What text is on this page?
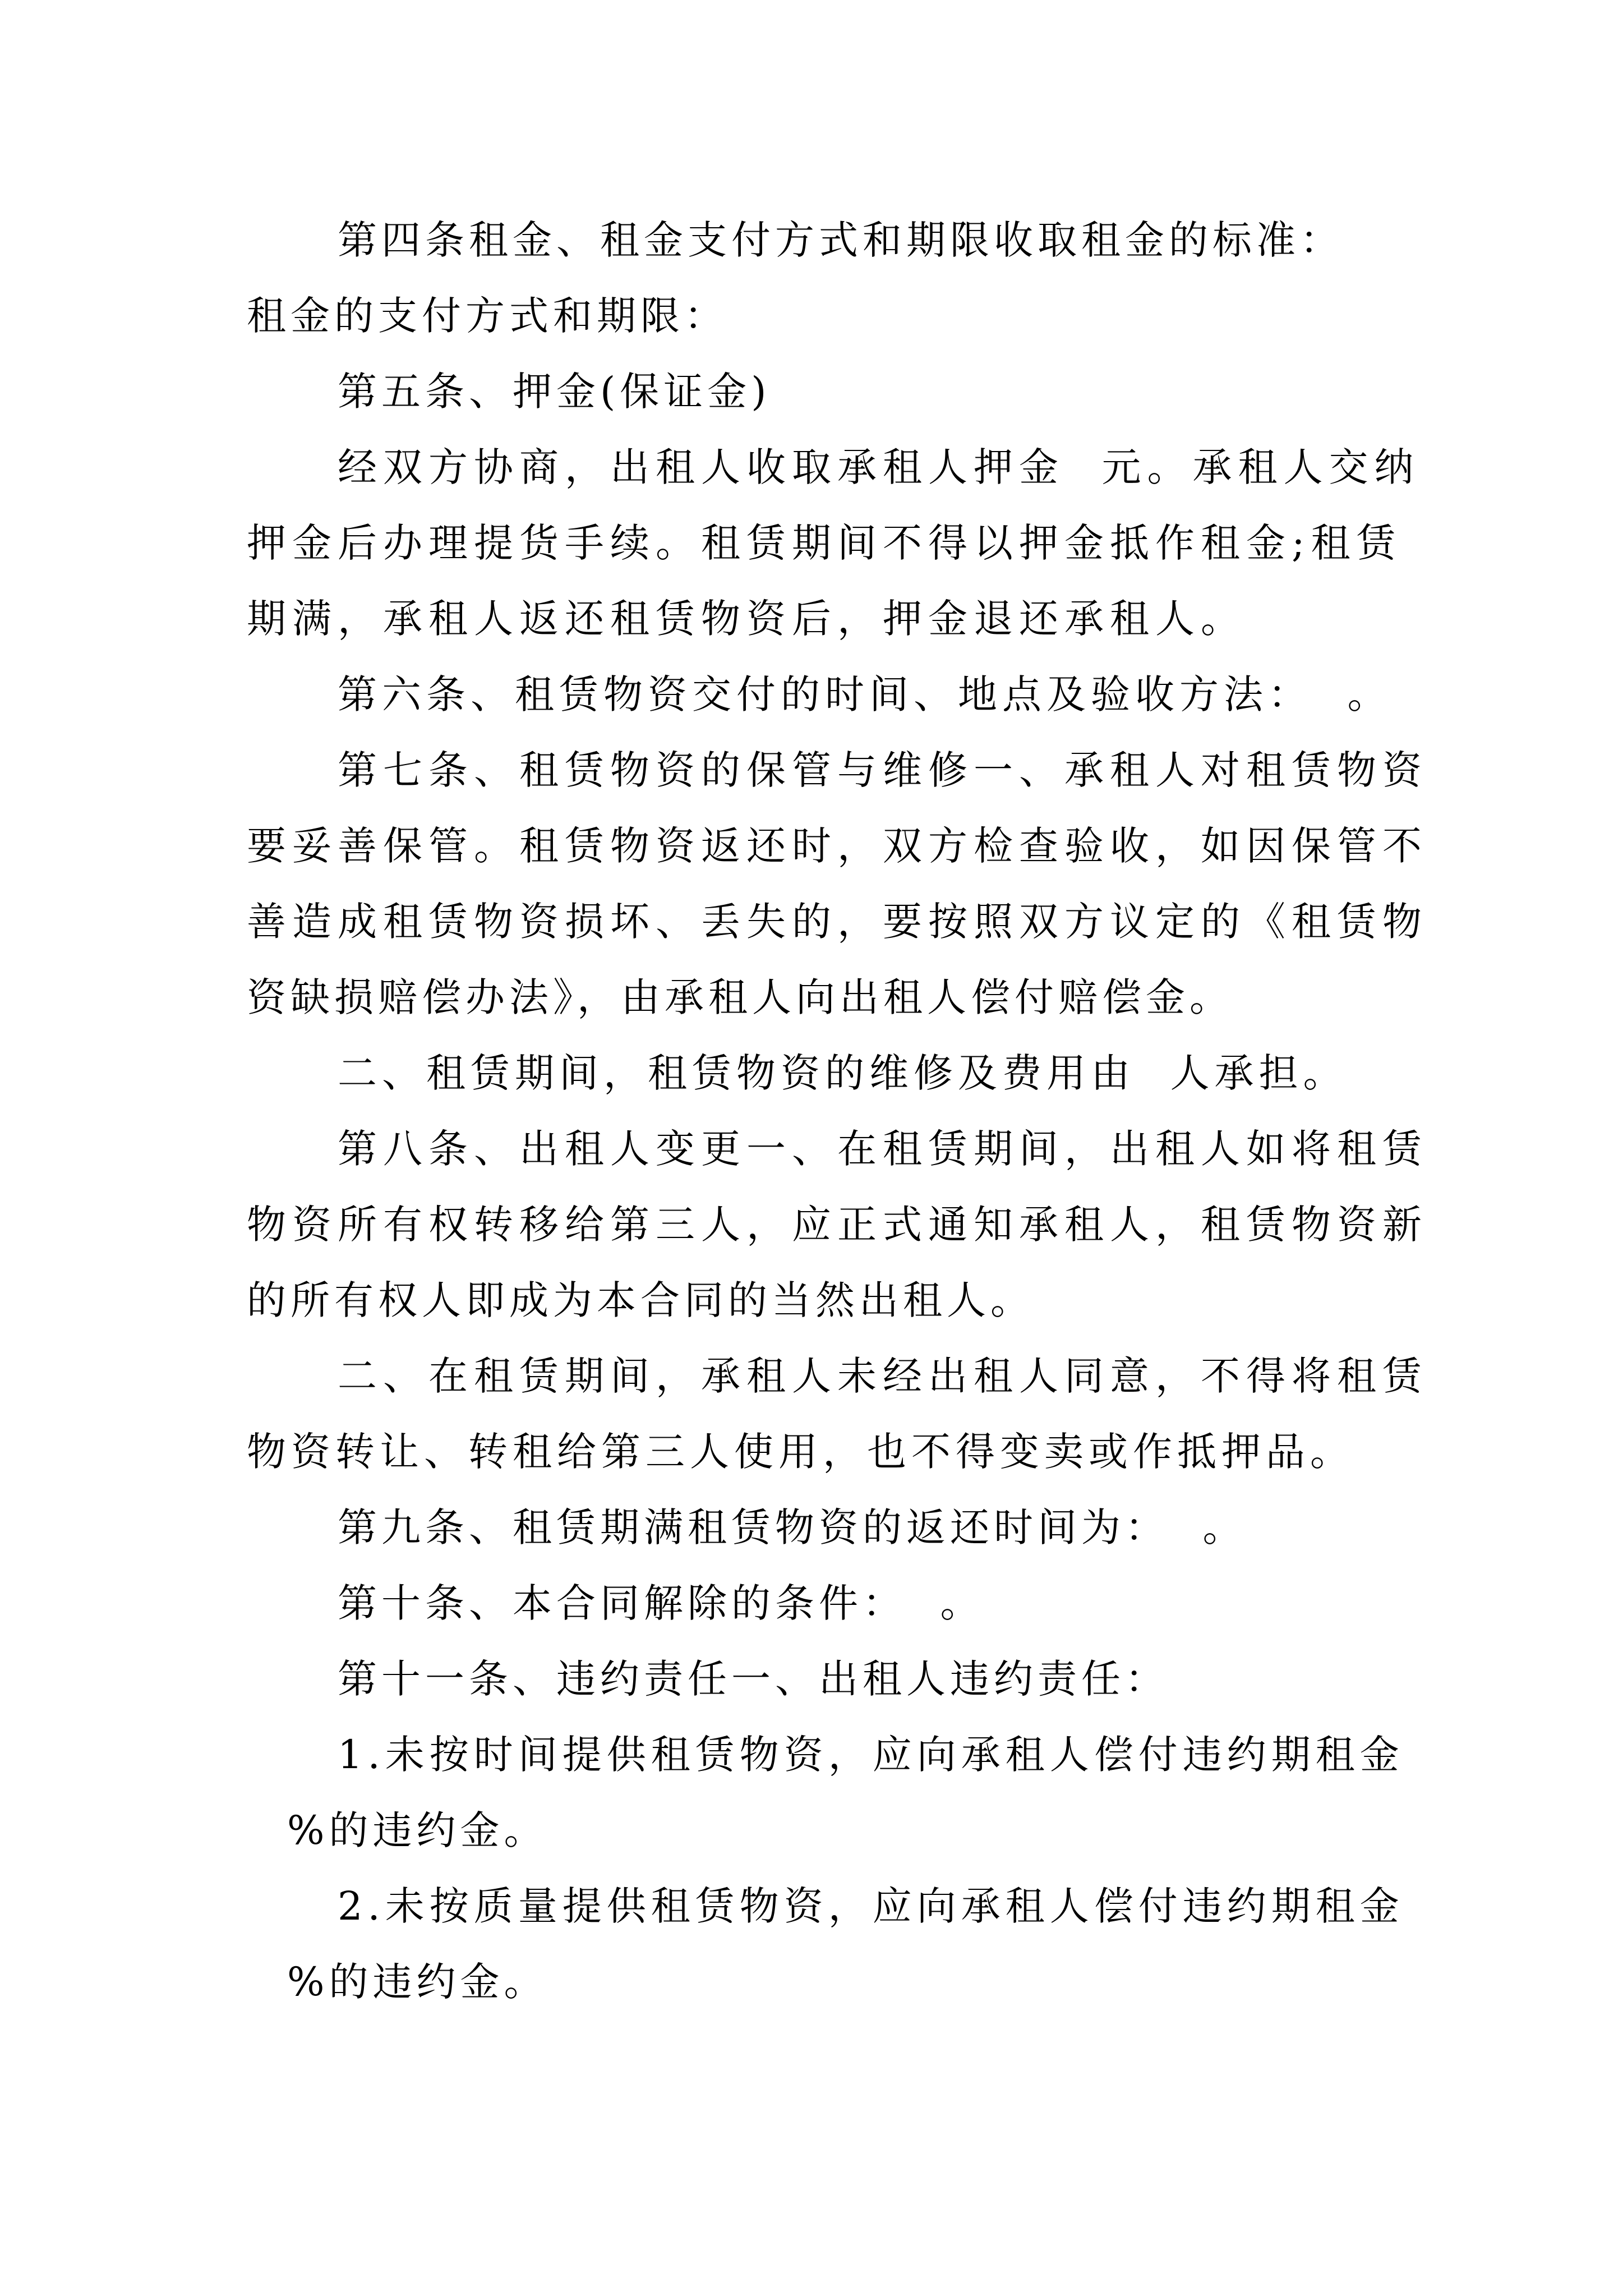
第四条租金、租金支付方式和期限收取租金的标准：

租金的支付方式和期限：

第五条、押金(保证金)

经双方协商，出租人收取承租人押金  元。承租人交纳

押金后办理提货手续。租赁期间不得以押金抵作租金;租赁

期满，承租人返还租赁物资后，押金退还承租人。

第六条、租赁物资交付的时间、地点及验收方法：  。

第七条、租赁物资的保管与维修一、承租人对租赁物资

要妥善保管。租赁物资返还时，双方检查验收，如因保管不

善造成租赁物资损坏、丢失的，要按照双方议定的《租赁物

资缺损赔偿办法》，由承租人向出租人偿付赔偿金。

二、租赁期间，租赁物资的维修及费用由  人承担。

第八条、出租人变更一、在租赁期间，出租人如将租赁

物资所有权转移给第三人，应正式通知承租人，租赁物资新

的所有权人即成为本合同的当然出租人。

二、在租赁期间，承租人未经出租人同意，不得将租赁

物资转让、转租给第三人使用，也不得变卖或作抵押品。

第九条、租赁期满租赁物资的返还时间为：  。

第十条、本合同解除的条件：  。

第十一条、违约责任一、出租人违约责任：

1.未按时间提供租赁物资，应向承租人偿付违约期租金

%的违约金。

2.未按质量提供租赁物资，应向承租人偿付违约期租金

%的违约金。
